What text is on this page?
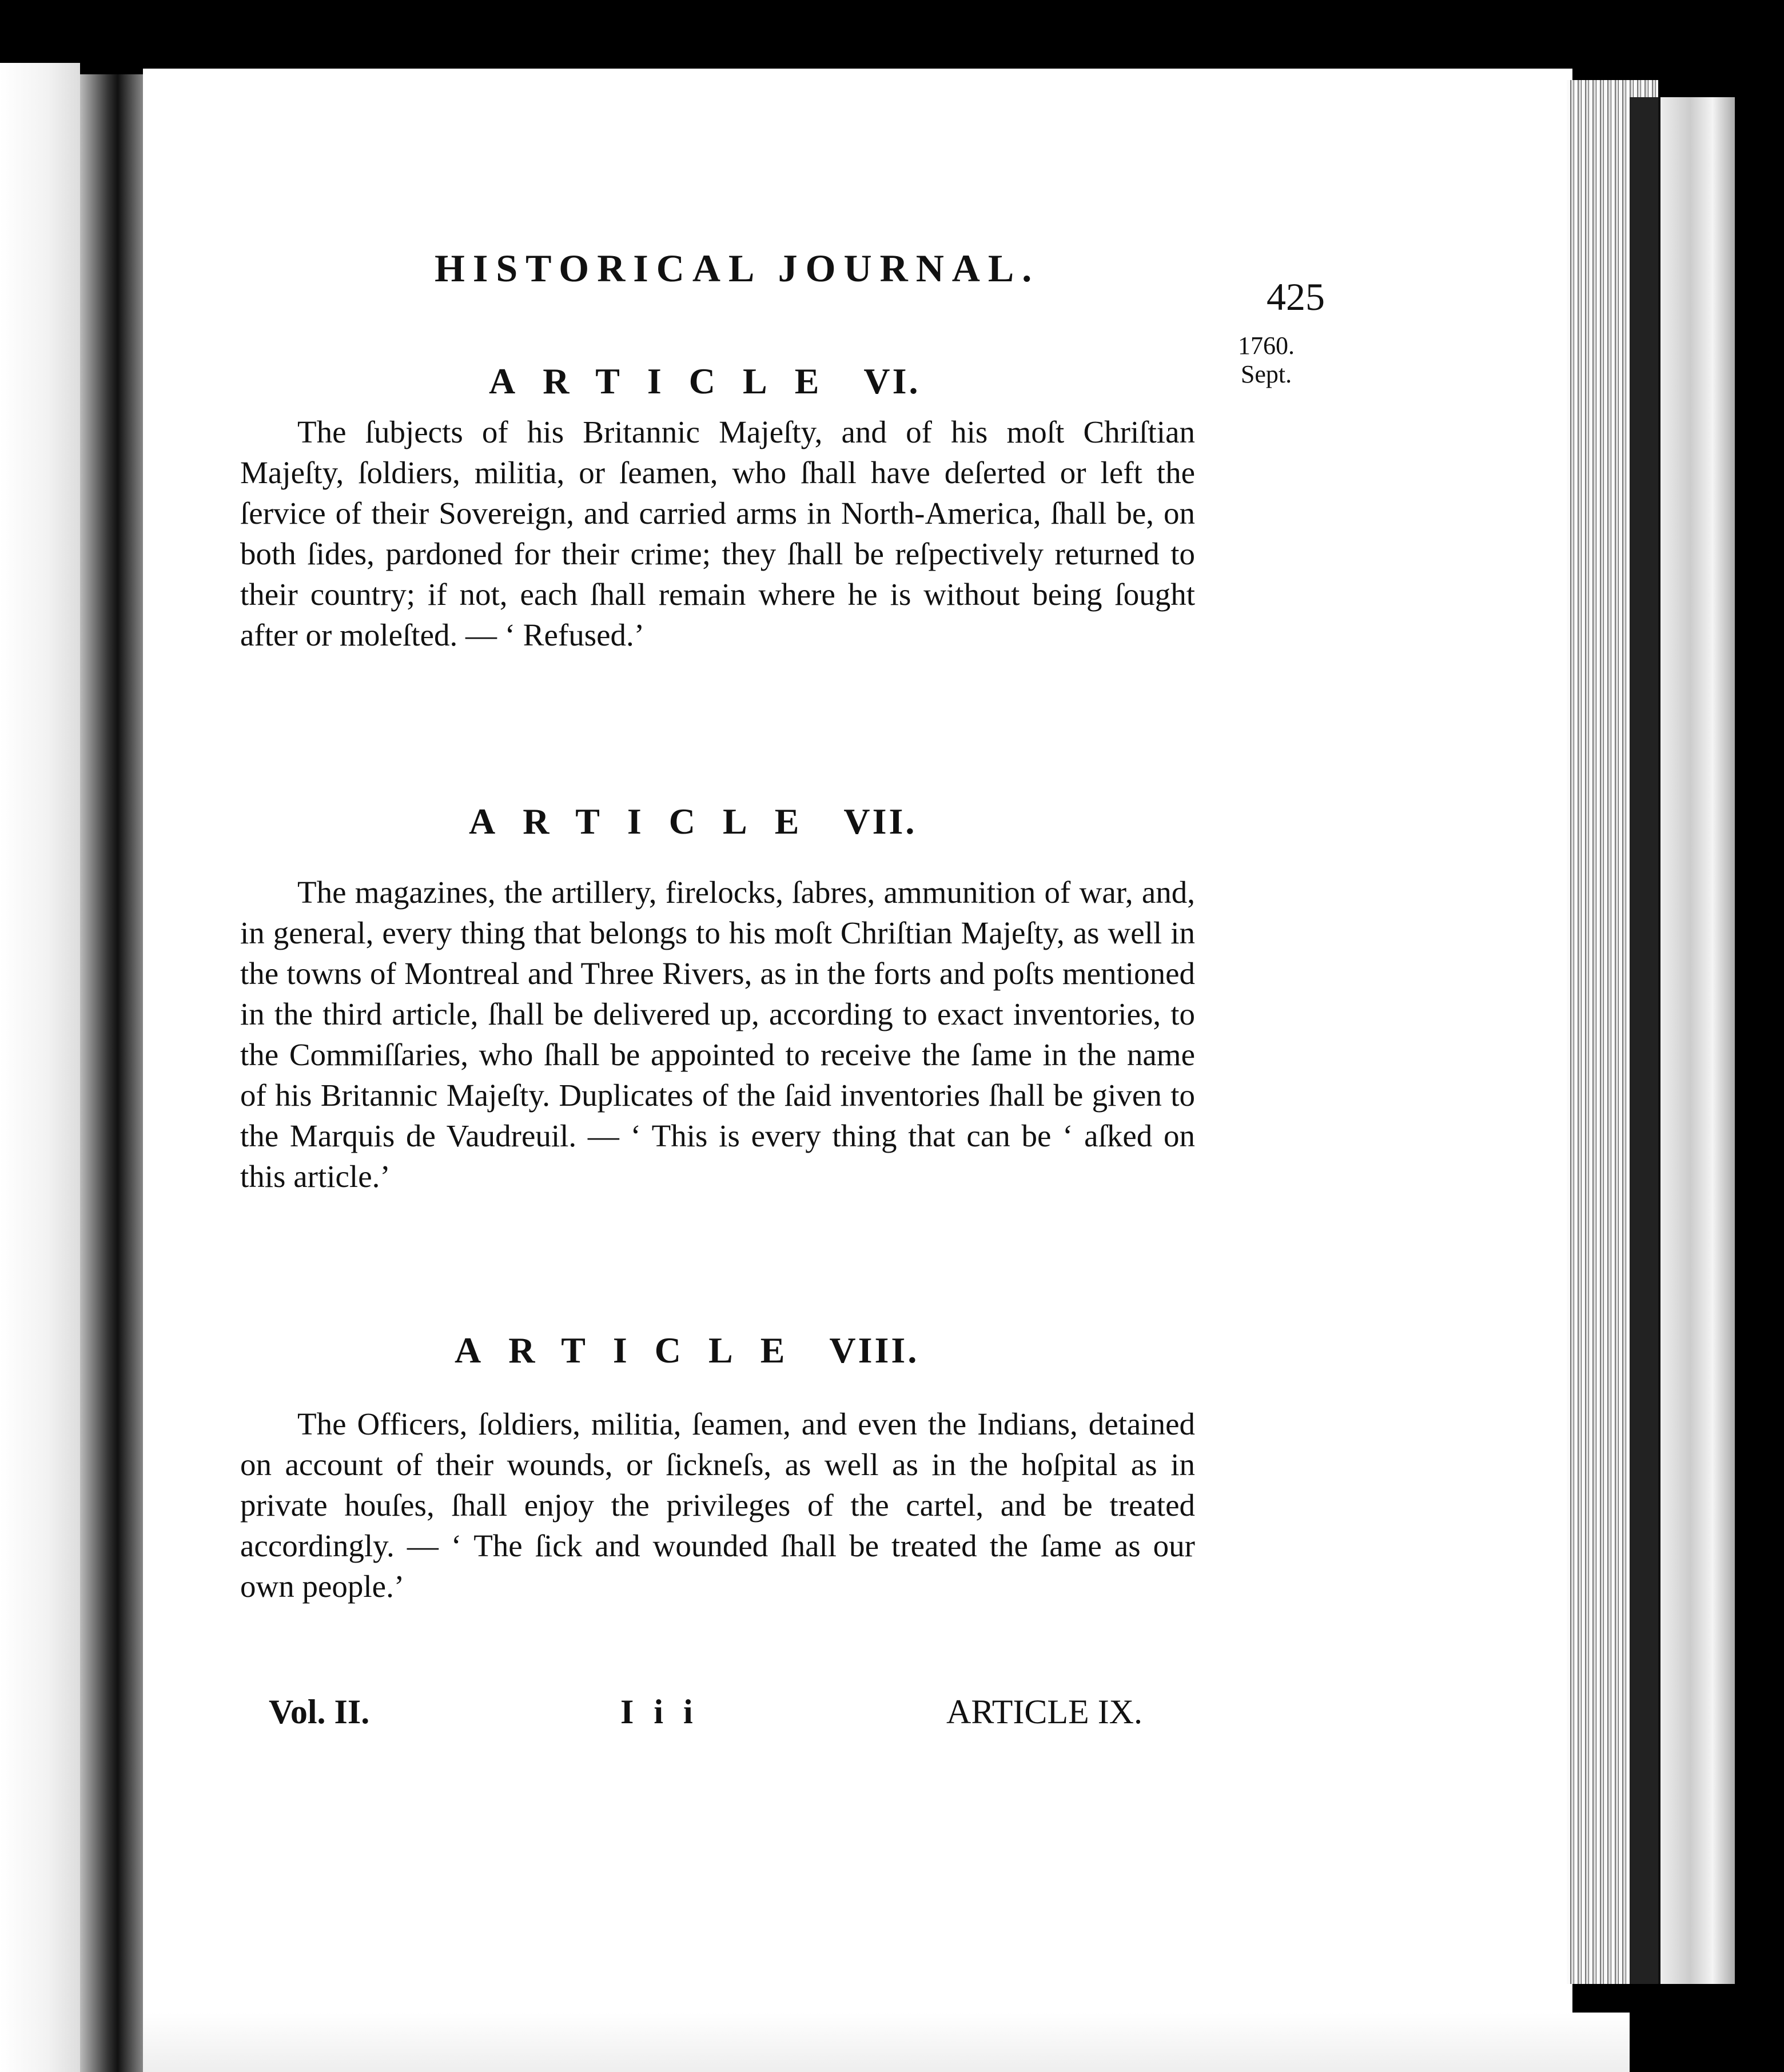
HISTORICAL JOURNAL.
425
1760.
Sept.
ARTICLE VI.

The ſubjects of his Britannic Majeſty, and of his moſt Chriſtian Majeſty, ſoldiers, militia, or ſeamen, who ſhall have deſerted or left the ſervice of their Sovereign, and carried arms in North-America, ſhall be, on both ſides, pardoned for their crime; they ſhall be reſpectively returned to their country; if not, each ſhall remain where he is without being ſought after or moleſted. — ‘ Refused.’

ARTICLE VII.

The magazines, the artillery, firelocks, ſabres, ammunition of war, and, in general, every thing that belongs to his moſt Chriſtian Majeſty, as well in the towns of Montreal and Three Rivers, as in the forts and poſts mentioned in the third article, ſhall be delivered up, according to exact inventories, to the Commiſſaries, who ſhall be appointed to receive the ſame in the name of his Britannic Majeſty. Duplicates of the ſaid inventories ſhall be given to the Marquis de Vaudreuil. — ‘ This is every thing that can be ‘ aſked on this article.’

ARTICLE VIII.

The Officers, ſoldiers, militia, ſeamen, and even the Indians, detained on account of their wounds, or ſickneſs, as well as in the hoſpital as in private houſes, ſhall enjoy the privileges of the cartel, and be treated accordingly. — ‘ The ſick and wounded ſhall be treated the ſame as our own people.’

Vol. II.	I i i	ARTICLE IX.
